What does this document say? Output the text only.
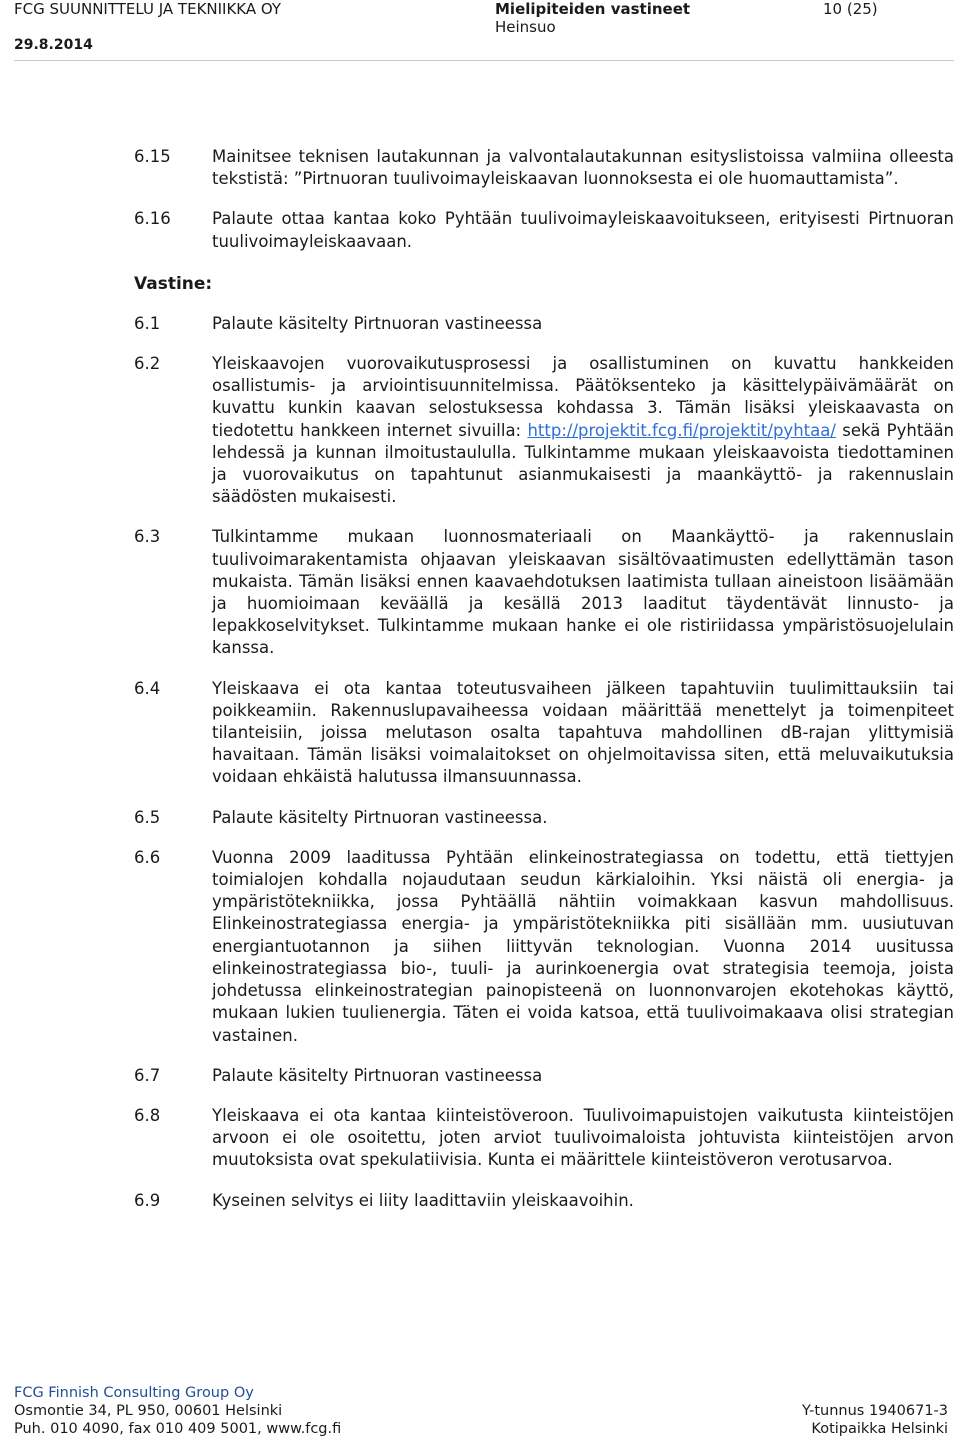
FCG SUUNNITTELU JA TEKNIIKKA OY
29.8.2014
Mielipiteiden vastineet
Heinsuo
10 (25)
6.15	Mainitsee teknisen lautakunnan ja valvontalautakunnan esityslistoissa valmiina olleesta tekstistä: ”Pirtnuoran tuulivoimayleiskaavan luonnoksesta ei ole huomauttamista”.
6.16	Palaute ottaa kantaa koko Pyhtään tuulivoimayleiskaavoitukseen, erityisesti Pirtnuoran tuulivoimayleiskaavaan.
Vastine:
6.1	Palaute käsitelty Pirtnuoran vastineessa
6.2	Yleiskaavojen vuorovaikutusprosessi ja osallistuminen on kuvattu hankkeiden osallistumis- ja arviointisuunnitelmissa. Päätöksenteko ja käsittelypäivämäärät on kuvattu kunkin kaavan selostuksessa kohdassa 3. Tämän lisäksi yleiskaavasta on tiedotettu hankkeen internet sivuilla: http://projektit.fcg.fi/projektit/pyhtaa/ sekä Pyhtään lehdessä ja kunnan ilmoitustaululla. Tulkintamme mukaan yleiskaavoista tiedottaminen ja vuorovaikutus on tapahtunut asianmukaisesti ja maankäyttö- ja rakennuslain säädösten mukaisesti.
6.3	Tulkintamme mukaan luonnosmateriaali on Maankäyttö- ja rakennuslain tuulivoimarakentamista ohjaavan yleiskaavan sisältövaatimusten edellyttämän tason mukaista. Tämän lisäksi ennen kaavaehdotuksen laatimista tullaan aineistoon lisäämään ja huomioimaan keväällä ja kesällä 2013 laaditut täydentävät linnusto- ja lepakkoselvitykset. Tulkintamme mukaan hanke ei ole ristiriidassa ympäristösuojelulain kanssa.
6.4	Yleiskaava ei ota kantaa toteutusvaiheen jälkeen tapahtuviin tuulimittauksiin tai poikkeamiin. Rakennuslupavaiheessa voidaan määrittää menettelyt ja toimenpiteet tilanteisiin, joissa melutason osalta tapahtuva mahdollinen dB-rajan ylittymisiä havaitaan. Tämän lisäksi voimalaitokset on ohjelmoitavissa siten, että meluvaikutuksia voidaan ehkäistä halutussa ilmansuunnassa.
6.5	Palaute käsitelty Pirtnuoran vastineessa.
6.6	Vuonna 2009 laaditussa Pyhtään elinkeinostrategiassa on todettu, että tiettyjen toimialojen kohdalla nojaudutaan seudun kärkialoihin. Yksi näistä oli energia- ja ympäristötekniikka, jossa Pyhtäällä nähtiin voimakkaan kasvun mahdollisuus. Elinkeinostrategiassa energia- ja ympäristötekniikka piti sisällään mm. uusiutuvan energiantuotannon ja siihen liittyvän teknologian. Vuonna 2014 uusitussa elinkeinostrategiassa bio-, tuuli- ja aurinkoenergia ovat strategisia teemoja, joista johdetussa elinkeinostrategian painopisteenä on luonnonvarojen ekotehokas käyttö, mukaan lukien tuulienergia. Täten ei voida katsoa, että tuulivoimakaava olisi strategian vastainen.
6.7	Palaute käsitelty Pirtnuoran vastineessa
6.8	Yleiskaava ei ota kantaa kiinteistöveroon. Tuulivoimapuistojen vaikutusta kiinteistöjen arvoon ei ole osoitettu, joten arviot tuulivoimaloista johtuvista kiinteistöjen arvon muutoksista ovat spekulatiivisia. Kunta ei määrittele kiinteistöveron verotusarvoa.
6.9	Kyseinen selvitys ei liity laadittaviin yleiskaavoihin.
FCG Finnish Consulting Group Oy
Osmontie 34, PL 950, 00601 Helsinki
Puh. 010 4090, fax 010 409 5001, www.fcg.fi
Y-tunnus 1940671-3
Kotipaikka Helsinki
